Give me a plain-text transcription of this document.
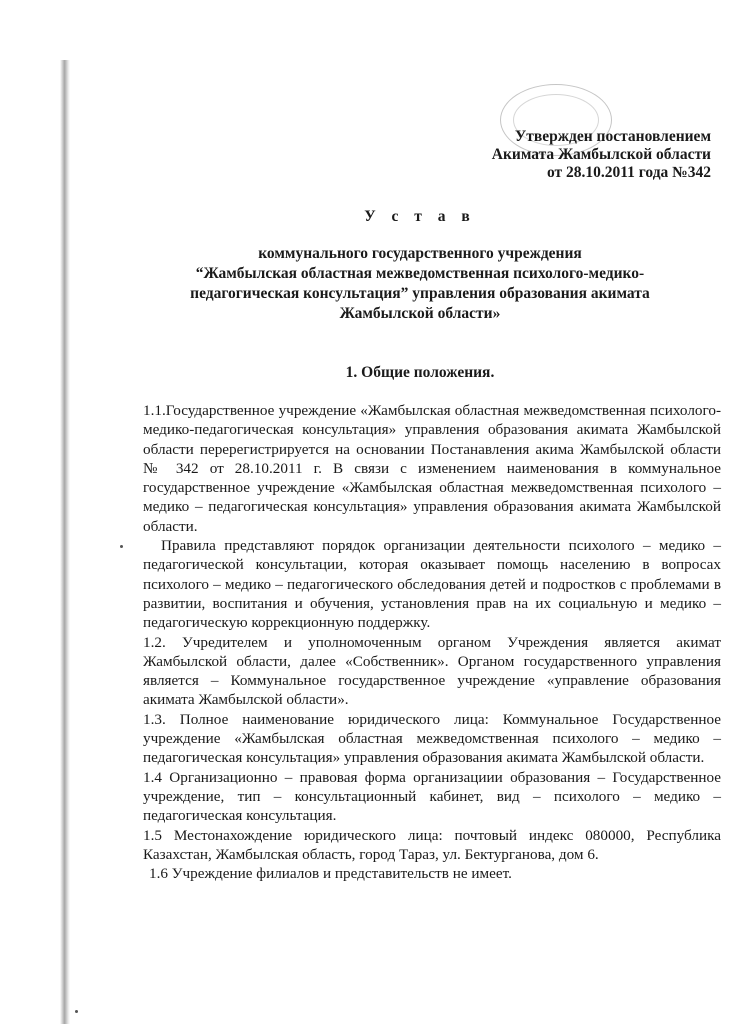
Утвержден постановлением
Акимата Жамбылской области
от 28.10.2011 года №342
У с т а в
коммунального государственного учреждения
“Жамбылская областная межведомственная психолого-медико-
педагогическая консультация” управления образования акимата
Жамбылской области»
1. Общие положения.

1.1.Государственное учреждение «Жамбылская областная межведомственная психолого-медико-педагогическая консультация» управления образования акимата Жамбылской области перерегистрируется на основании Постанавления акима Жамбылской области № 342 от 28.10.2011 г. В связи с изменением наименования в коммунальное государственное учреждение «Жамбылская областная межведомственная психолого – медико – педагогическая консультация» управления образования акимата Жамбылской области.

Правила представляют порядок организации деятельности психолого – медико – педагогической консультации, которая оказывает помощь населению в вопросах психолого – медико – педагогического обследования детей и подростков с проблемами в развитии, воспитания и обучения, установления прав на их социальную и медико – педагогическую коррекционную поддержку.

1.2. Учредителем и уполномоченным органом Учреждения является акимат Жамбылской области, далее «Собственник». Органом государственного управления является – Коммунальное государственное учреждение «управление образования акимата Жамбылской области».

1.3. Полное наименование юридического лица: Коммунальное Государственное учреждение «Жамбылская областная межведомственная психолого – медико – педагогическая консультация» управления образования акимата Жамбылской области.

1.4 Организационно – правовая форма организациии образования – Государственное учреждение, тип – консультационный кабинет, вид – психолого – медико – педагогическая консультация.

1.5 Местонахождение юридического лица: почтовый индекс 080000, Республика Казахстан, Жамбылская область, город Тараз, ул. Бектурганова, дом 6.

1.6 Учреждение филиалов и представительств не имеет.
